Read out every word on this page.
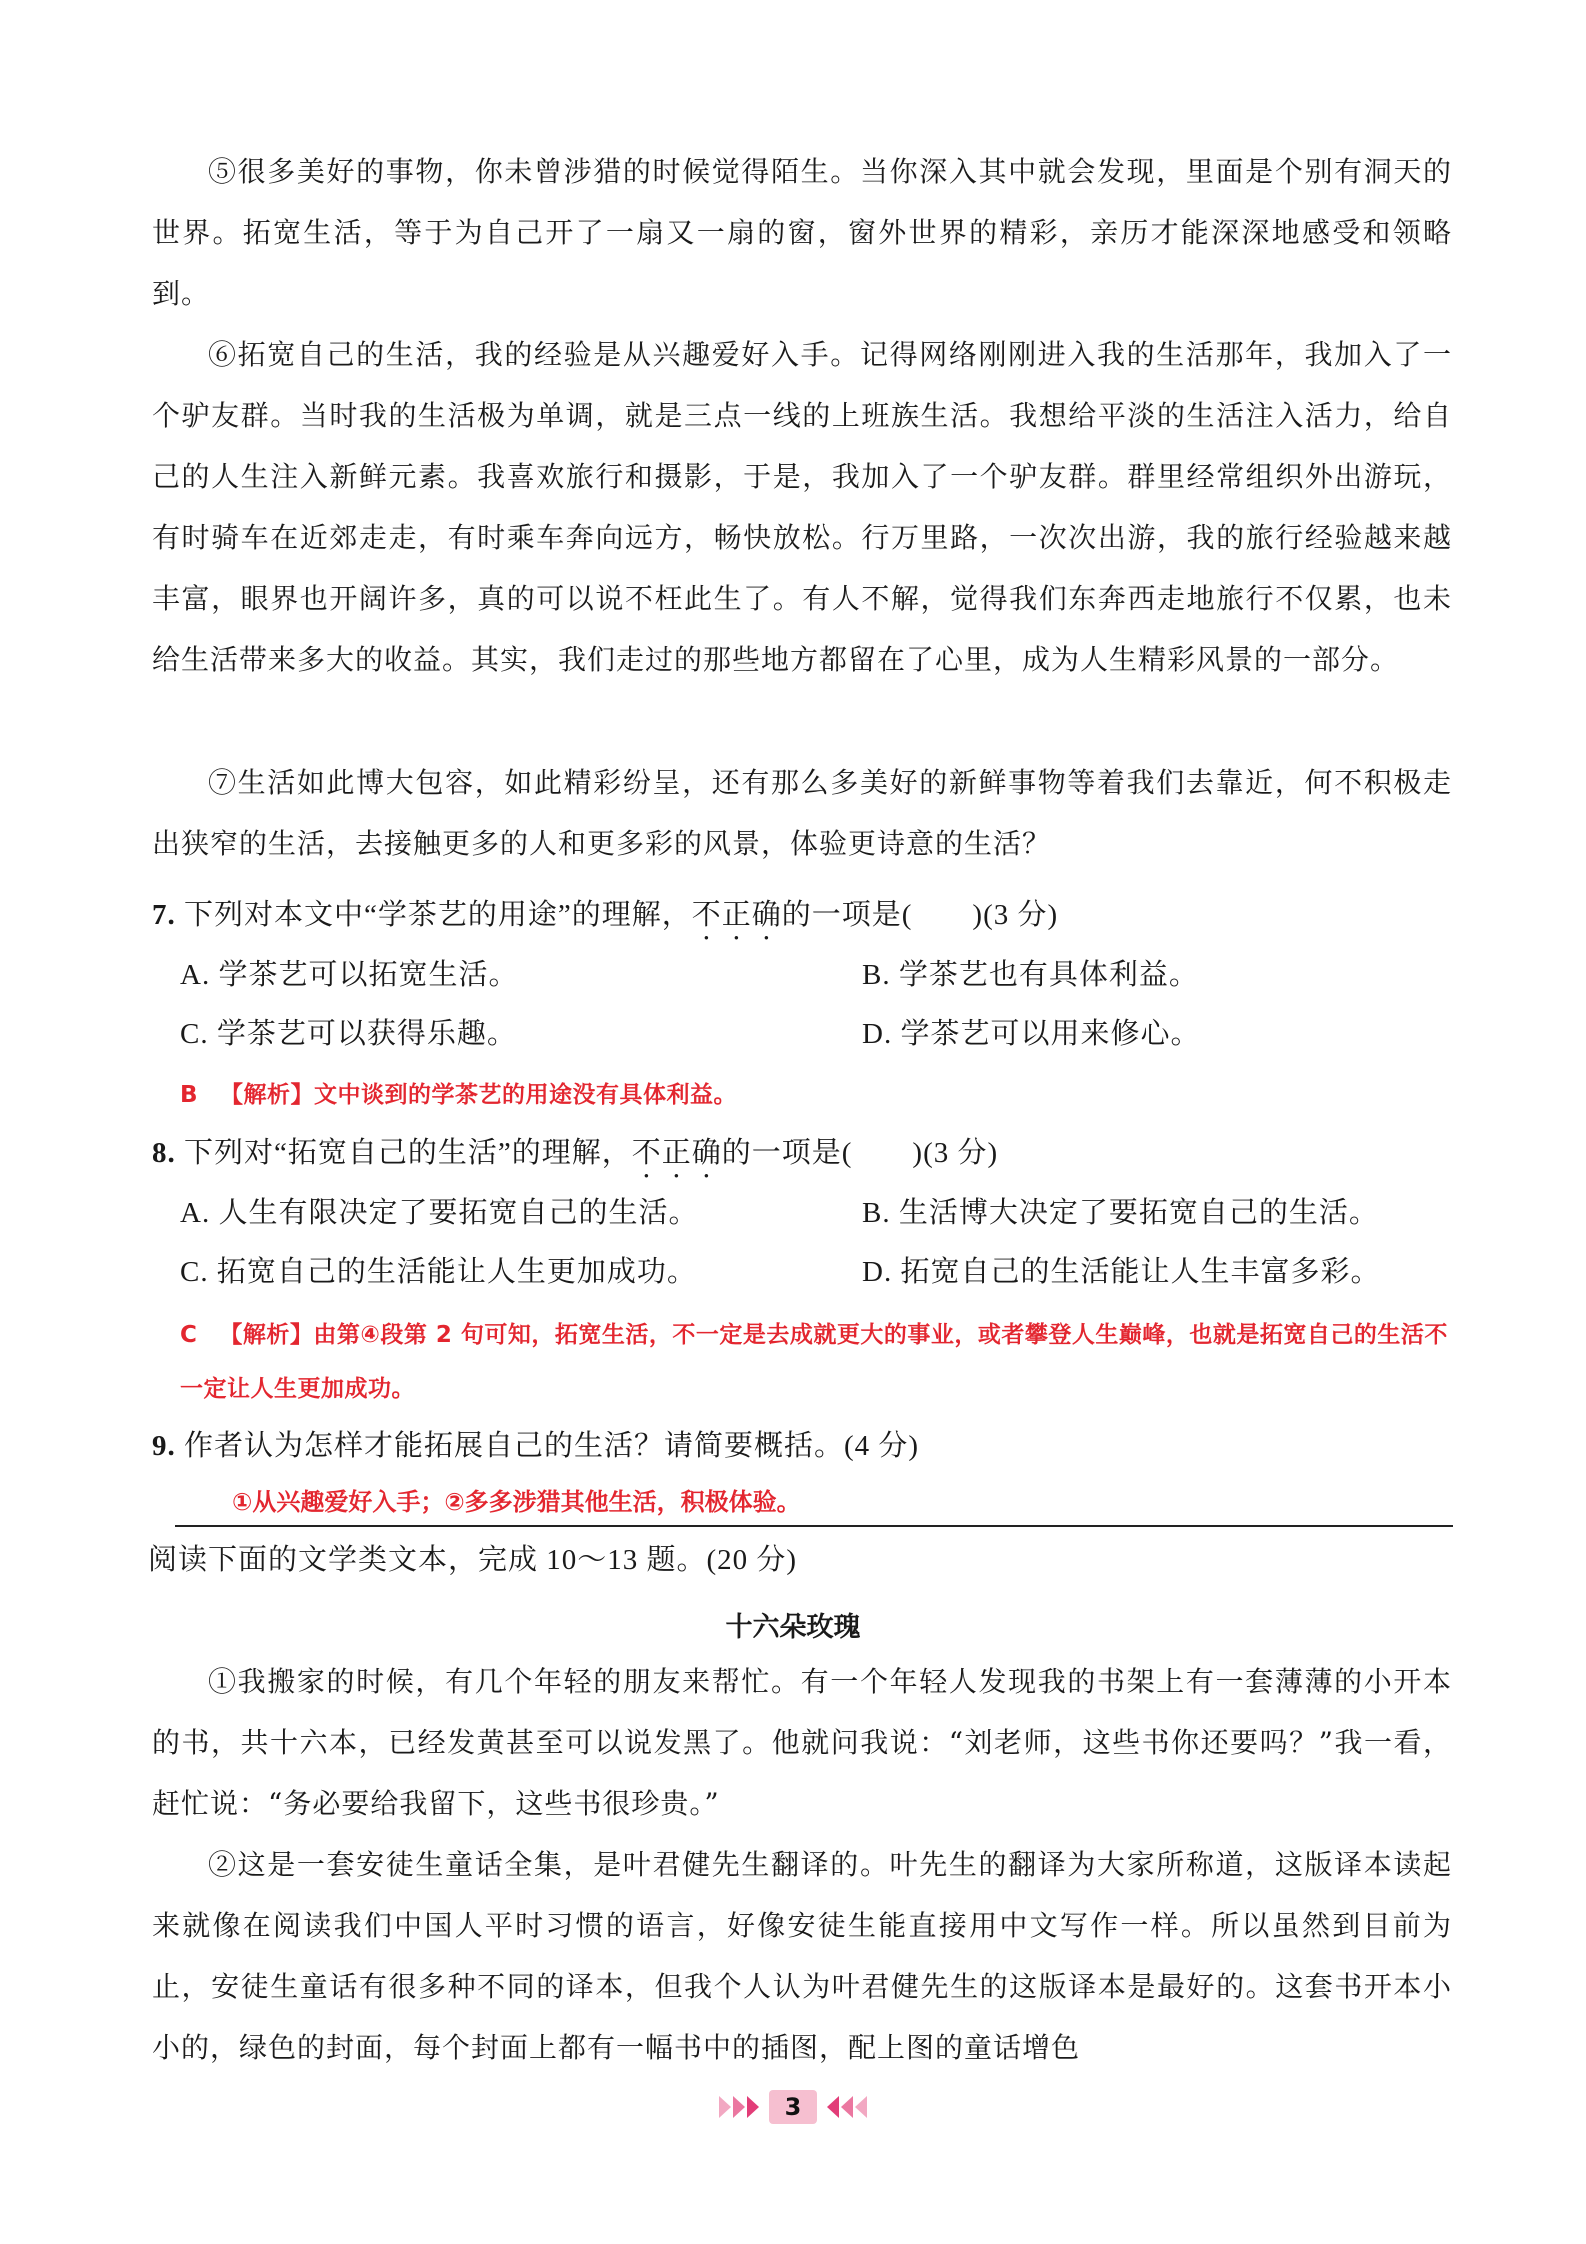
⑤很多美好的事物，你未曾涉猎的时候觉得陌生。当你深入其中就会发现，里面是个别有洞天的世界。拓宽生活，等于为自己开了一扇又一扇的窗，窗外世界的精彩，亲历才能深深地感受和领略到。

⑥拓宽自己的生活，我的经验是从兴趣爱好入手。记得网络刚刚进入我的生活那年，我加入了一个驴友群。当时我的生活极为单调，就是三点一线的上班族生活。我想给平淡的生活注入活力，给自己的人生注入新鲜元素。我喜欢旅行和摄影，于是，我加入了一个驴友群。群里经常组织外出游玩，有时骑车在近郊走走，有时乘车奔向远方，畅快放松。行万里路，一次次出游，我的旅行经验越来越丰富，眼界也开阔许多，真的可以说不枉此生了。有人不解，觉得我们东奔西走地旅行不仅累，也未给生活带来多大的收益。其实，我们走过的那些地方都留在了心里，成为人生精彩风景的一部分。

⑦生活如此博大包容，如此精彩纷呈，还有那么多美好的新鲜事物等着我们去靠近，何不积极走出狭窄的生活，去接触更多的人和更多彩的风景，体验更诗意的生活？

7. 下列对本文中“学茶艺的用途”的理解，不正确的一项是(　　)(3 分)
A. 学茶艺可以拓宽生活。	B. 学茶艺也有具体利益。
C. 学茶艺可以获得乐趣。	D. 学茶艺可以用来修心。
B 【解析】文中谈到的学茶艺的用途没有具体利益。
8. 下列对“拓宽自己的生活”的理解，不正确的一项是(　　)(3 分)
A. 人生有限决定了要拓宽自己的生活。	B. 生活博大决定了要拓宽自己的生活。
C. 拓宽自己的生活能让人生更加成功。	D. 拓宽自己的生活能让人生丰富多彩。
C 【解析】由第④段第 2 句可知，拓宽生活，不一定是去成就更大的事业，或者攀登人生巅峰，也就是拓宽自己的生活不一定让人生更加成功。
9. 作者认为怎样才能拓展自己的生活？请简要概括。(4 分)
①从兴趣爱好入手；②多多涉猎其他生活，积极体验。
阅读下面的文学类文本，完成 10～13 题。(20 分)
十六朵玫瑰

①我搬家的时候，有几个年轻的朋友来帮忙。有一个年轻人发现我的书架上有一套薄薄的小开本的书，共十六本，已经发黄甚至可以说发黑了。他就问我说：“刘老师，这些书你还要吗？”我一看，赶忙说：“务必要给我留下，这些书很珍贵。”

②这是一套安徒生童话全集，是叶君健先生翻译的。叶先生的翻译为大家所称道，这版译本读起来就像在阅读我们中国人平时习惯的语言，好像安徒生能直接用中文写作一样。所以虽然到目前为止，安徒生童话有很多种不同的译本，但我个人认为叶君健先生的这版译本是最好的。这套书开本小小的，绿色的封面，每个封面上都有一幅书中的插图，配上图的童话增色

3
